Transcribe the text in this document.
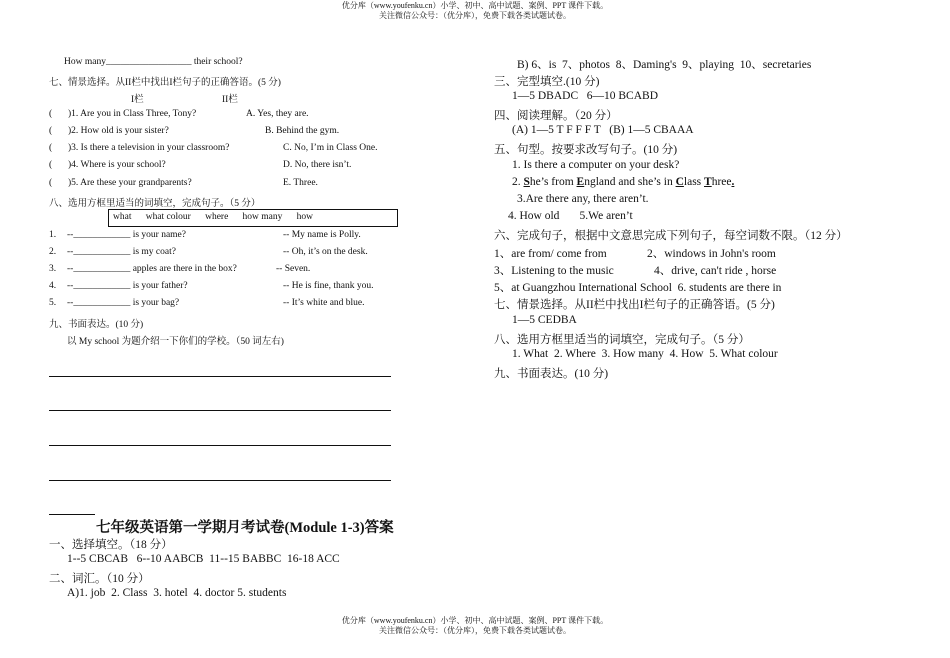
优分库（www.youfenku.cn）小学、初中、高中试题、案例、PPT 课件下载。
关注微信公众号：（优分库），免费下载各类试题试卷。
How many__________________ their school?
七、情景选择。从II栏中找出I栏句子的正确答语。(5 分)
I栏	II栏
( )1. Are you in Class Three, Tony?	A. Yes, they are.
( )2. How old is your sister?	B. Behind the gym.
( )3. Is there a television in your classroom?	C. No, I’m in Class One.
( )4. Where is your school?	D. No, there isn’t.
( )5. Are these your grandparents?	E. Three.
八、选用方框里适当的词填空，完成句子。（5 分）
what      what colour      where      how many      how
1. --____________ is your name?	-- My name is Polly.
2. --____________ is my coat?	-- Oh, it’s on the desk.
3. --____________ apples are there in the box?	-- Seven.
4. --____________ is your father?	-- He is fine, thank you.
5. --____________ is your bag?	-- It’s white and blue.
九、书面表达。(10 分)
以 My school 为题介绍一下你们的学校。（50 词左右)
七年级英语第一学期月考试卷(Module 1-3)答案
一、选择填空。（18 分）
1--5 CBCAB   6--10 AABCB  11--15 BABBC  16-18 ACC
二、词汇。（10 分）
A)1. job  2. Class  3. hotel  4. doctor 5. students
B) 6、is  7、photos  8、Daming's  9、playing  10、secretaries
三、完型填空.(10 分)
1—5 DBADC   6—10 BCABD
四、阅读理解。（20 分）
(A) 1—5 T F F F T   (B) 1—5 CBAAA
五、句型。按要求改写句子。(10 分)
1. Is there a computer on your desk?
2. She’s from England and she’s in Class Three.
3.Are there any, there aren’t.
4. How old       5.We aren’t
六、完成句子，根据中文意思完成下列句子，每空词数不限。（12 分）
1、are from/ come from              2、windows in John's room
3、Listening to the music              4、drive, can't ride , horse
5、at Guangzhou International School  6. students are there in
七、情景选择。从II栏中找出I栏句子的正确答语。(5 分)
1—5 CEDBA
八、选用方框里适当的词填空，完成句子。（5 分）
1. What  2. Where  3. How many  4. How  5. What colour
九、书面表达。(10 分)
优分库（www.youfenku.cn）小学、初中、高中试题、案例、PPT 课件下载。
关注微信公众号：（优分库），免费下载各类试题试卷。
